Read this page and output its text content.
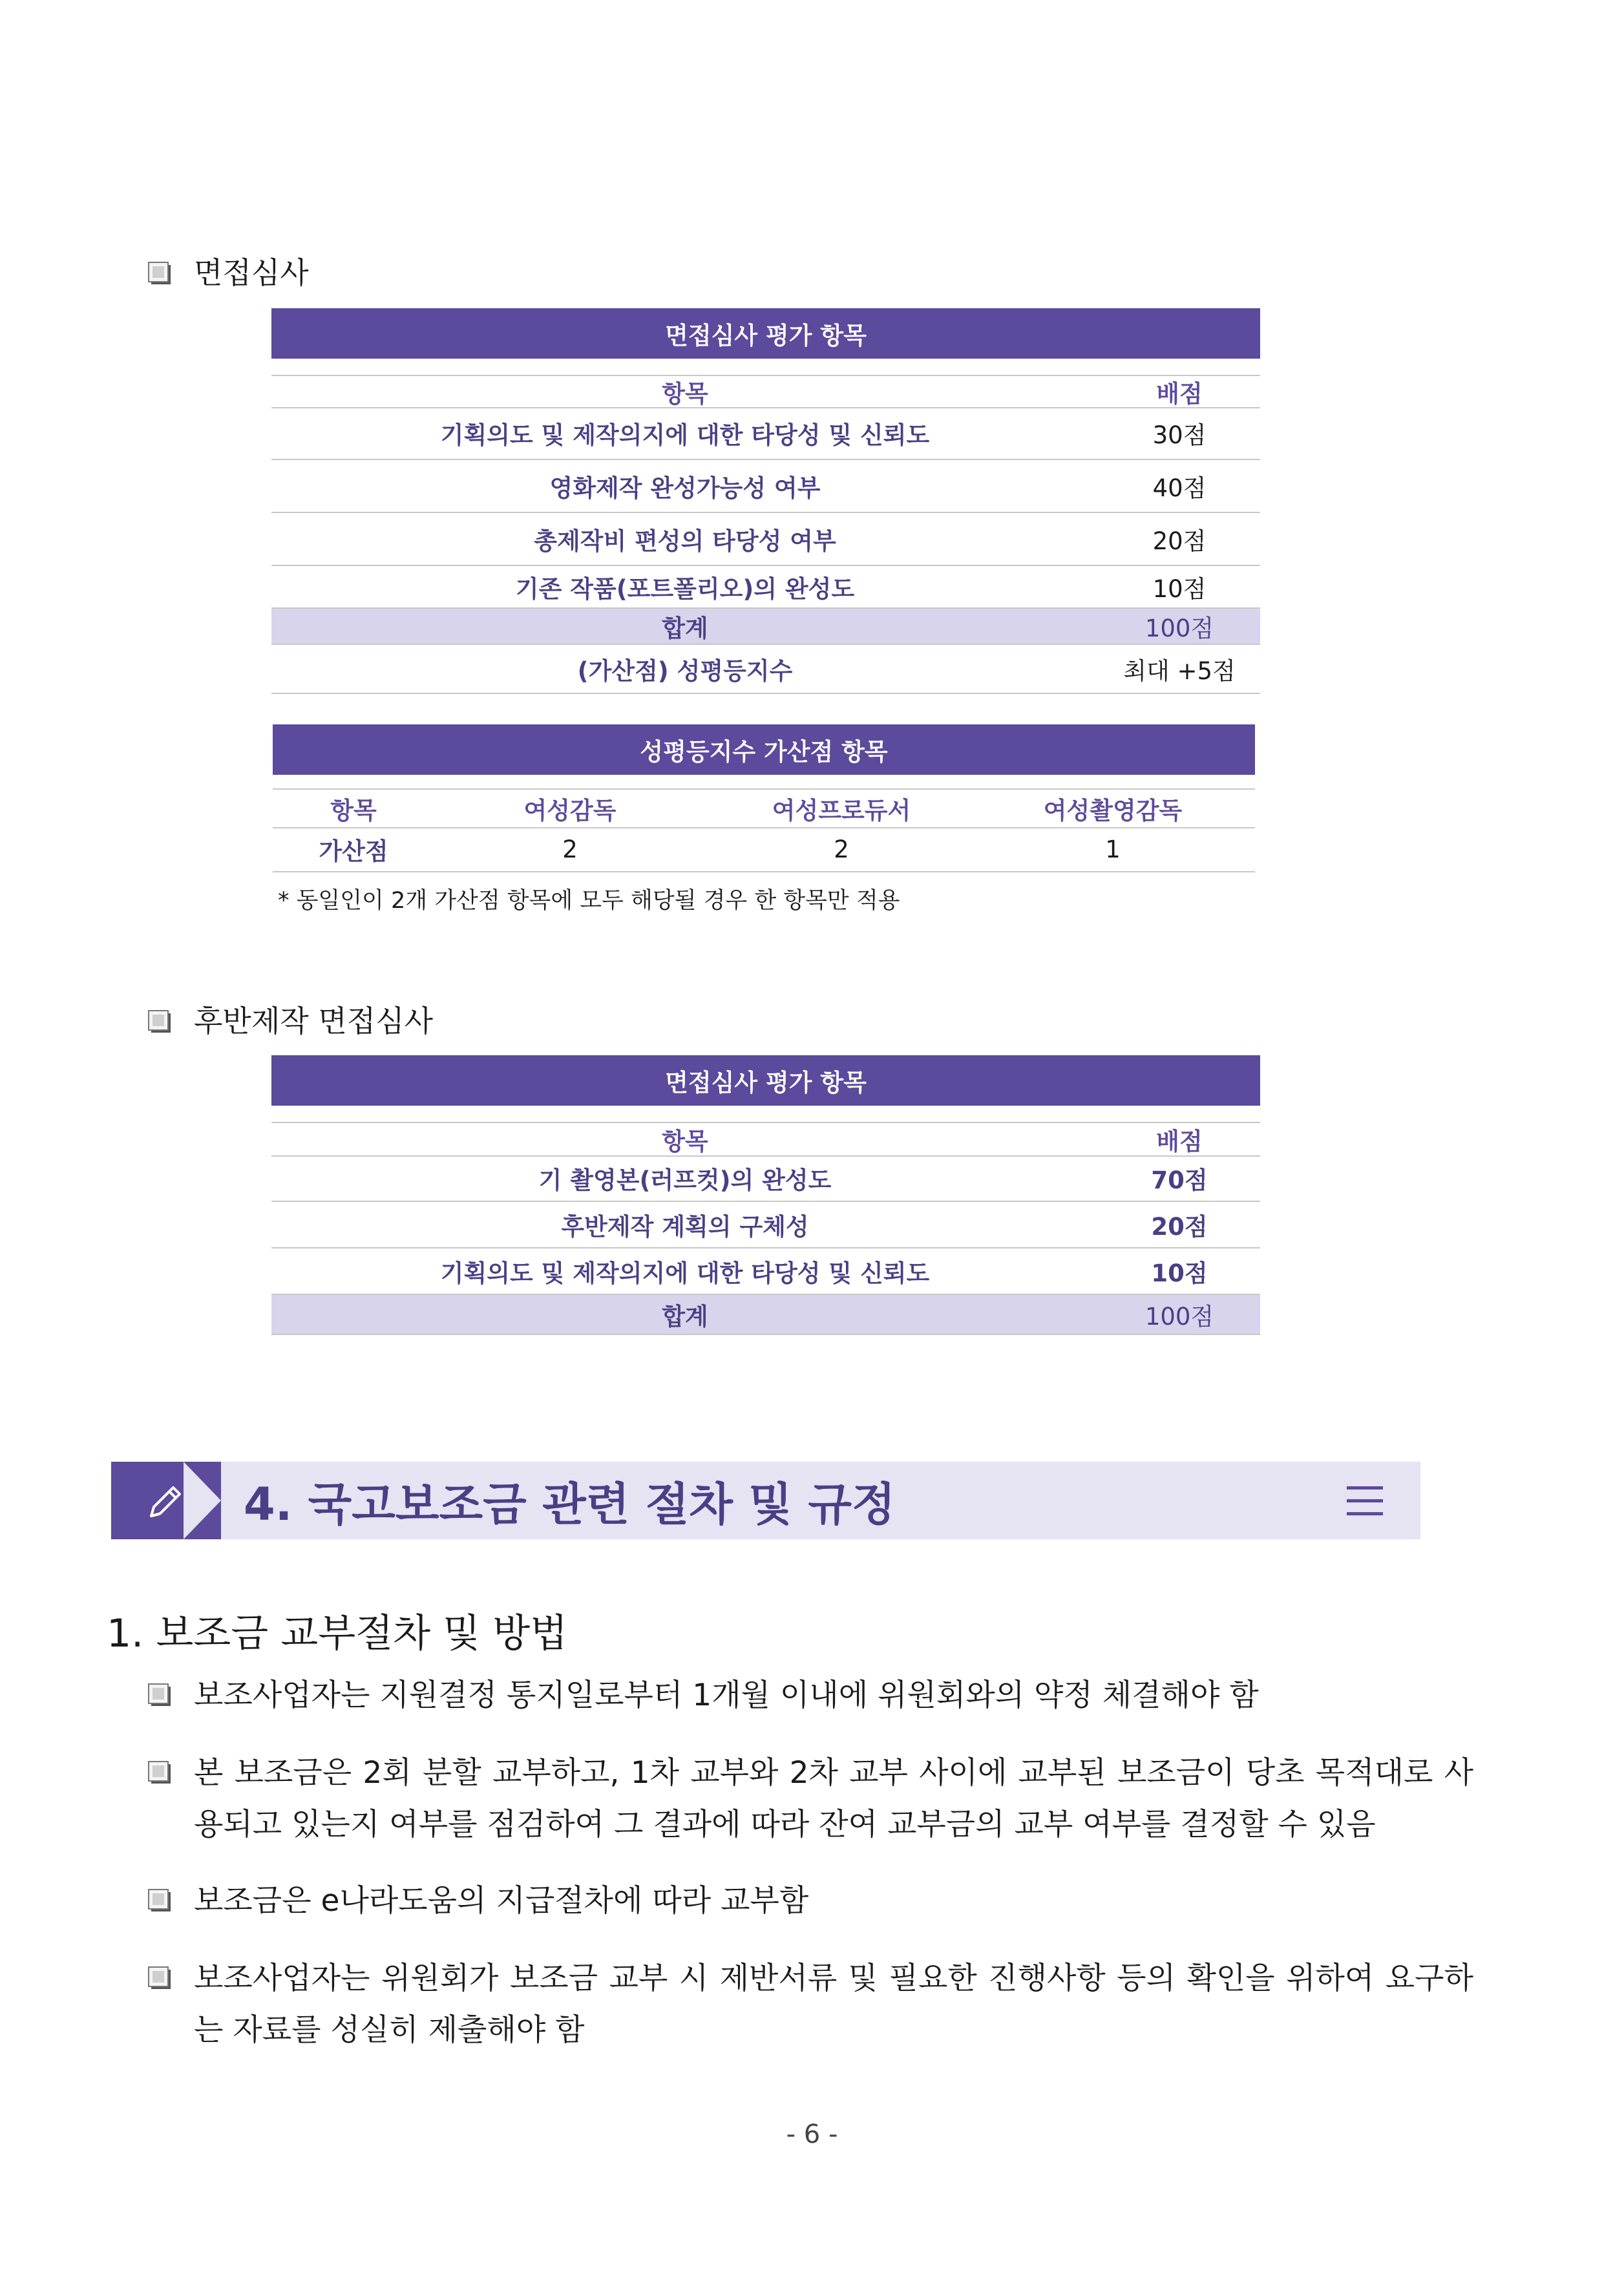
면접심사
면접심사 평가 항목
항목	배점
기획의도 및 제작의지에 대한 타당성 및 신뢰도	30점
영화제작 완성가능성 여부	40점
총제작비 편성의 타당성 여부	20점
기존 작품(포트폴리오)의 완성도	10점
합계	100점
(가산점) 성평등지수	최대 +5점
성평등지수 가산점 항목
항목	여성감독	여성프로듀서	여성촬영감독
가산점	2	2	1
* 동일인이 2개 가산점 항목에 모두 해당될 경우 한 항목만 적용
후반제작 면접심사
면접심사 평가 항목
항목	배점
기 촬영본(러프컷)의 완성도	70점
후반제작 계획의 구체성	20점
기획의도 및 제작의지에 대한 타당성 및 신뢰도	10점
합계	100점
4. 국고보조금 관련 절차 및 규정
1. 보조금 교부절차 및 방법
보조사업자는 지원결정 통지일로부터 1개월 이내에 위원회와의 약정 체결해야 함
본 보조금은 2회 분할 교부하고, 1차 교부와 2차 교부 사이에 교부된 보조금이 당초 목적대로 사용되고 있는지 여부를 점검하여 그 결과에 따라 잔여 교부금의 교부 여부를 결정할 수 있음
보조금은 e나라도움의 지급절차에 따라 교부함
보조사업자는 위원회가 보조금 교부 시 제반서류 및 필요한 진행사항 등의 확인을 위하여 요구하는 자료를 성실히 제출해야 함
- 6 -
